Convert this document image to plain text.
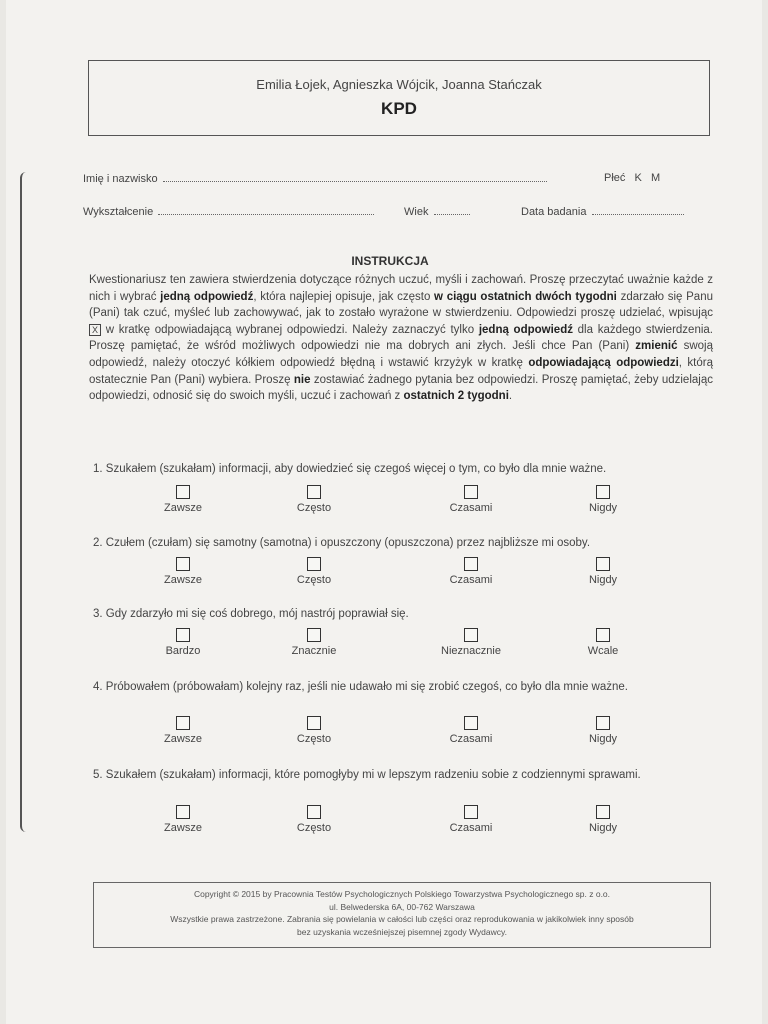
Emilia Łojek, Agnieszka Wójcik, Joanna Stańczak
KPD
Imię i nazwisko	Płeć K   M
Wykształcenie	Wiek	Data badania
INSTRUKCJA
Kwestionariusz ten zawiera stwierdzenia dotyczące różnych uczuć, myśli i zachowań. Proszę przeczytać uważnie każde z nich i wybrać jedną odpowiedź, która najlepiej opisuje, jak często w ciągu ostatnich dwóch tygodni zdarzało się Panu (Pani) tak czuć, myśleć lub zachowywać, jak to zostało wyrażone w stwierdzeniu. Odpowiedzi proszę udzielać, wpisując X w kratkę odpowiadającą wybranej odpowiedzi. Należy zaznaczyć tylko jedną odpowiedź dla każdego stwierdzenia. Proszę pamiętać, że wśród możliwych odpowiedzi nie ma dobrych ani złych. Jeśli chce Pan (Pani) zmienić swoją odpowiedź, należy otoczyć kółkiem odpowiedź błędną i wstawić krzyżyk w kratkę odpowiadającą odpowiedzi, którą ostatecznie Pan (Pani) wybiera. Proszę nie zostawiać żadnego pytania bez odpowiedzi. Proszę pamiętać, żeby udzielając odpowiedzi, odnosić się do swoich myśli, uczuć i zachowań z ostatnich 2 tygodni.
1. Szukałem (szukałam) informacji, aby dowiedzieć się czegoś więcej o tym, co było dla mnie ważne.
Zawsze	Często	Czasami	Nigdy
2. Czułem (czułam) się samotny (samotna) i opuszczony (opuszczona) przez najbliższe mi osoby.
Zawsze	Często	Czasami	Nigdy
3. Gdy zdarzyło mi się coś dobrego, mój nastrój poprawiał się.
Bardzo	Znacznie	Nieznacznie	Wcale
4. Próbowałem (próbowałam) kolejny raz, jeśli nie udawało mi się zrobić czegoś, co było dla mnie ważne.
Zawsze	Często	Czasami	Nigdy
5. Szukałem (szukałam) informacji, które pomogłyby mi w lepszym radzeniu sobie z codziennymi sprawami.
Zawsze	Często	Czasami	Nigdy
Copyright © 2015 by Pracownia Testów Psychologicznych Polskiego Towarzystwa Psychologicznego sp. z o.o.
ul. Belwederska 6A, 00-762 Warszawa
Wszystkie prawa zastrzeżone. Zabrania się powielania w całości lub części oraz reprodukowania w jakikolwiek inny sposób
bez uzyskania wcześniejszej pisemnej zgody Wydawcy.
